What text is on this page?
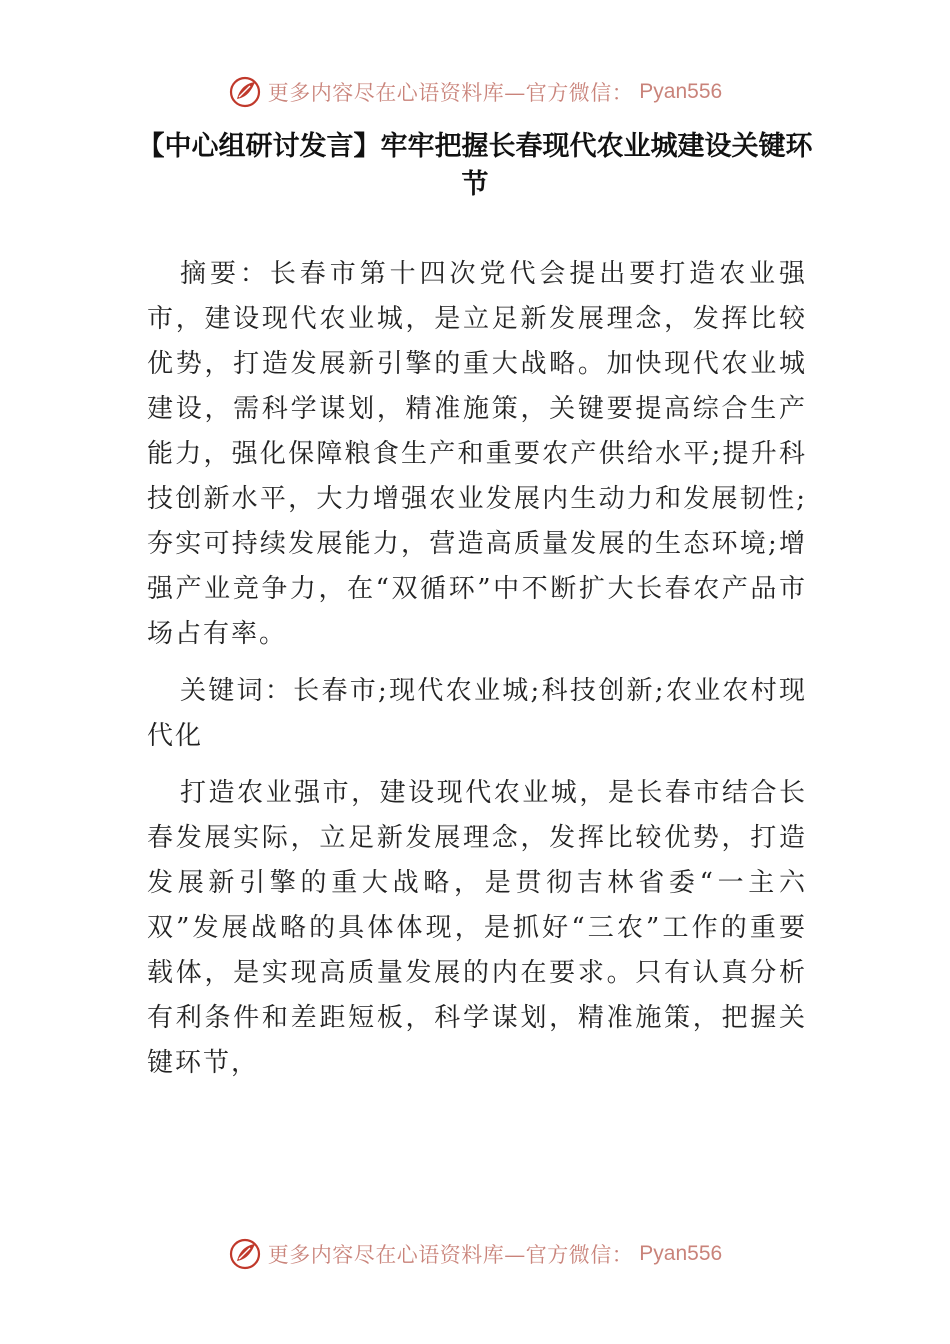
更多内容尽在心语资料库—官方微信： Pyan556
【中心组研讨发言】牢牢把握长春现代农业城建设关键环节

摘要：长春市第十四次党代会提出要打造农业强市，建设现代农业城，是立足新发展理念，发挥比较优势，打造发展新引擎的重大战略。加快现代农业城建设，需科学谋划，精准施策，关键要提高综合生产能力，强化保障粮食生产和重要农产供给水平;提升科技创新水平，大力增强农业发展内生动力和发展韧性;夯实可持续发展能力，营造高质量发展的生态环境;增强产业竞争力，在“双循环”中不断扩大长春农产品市场占有率。

关键词：长春市;现代农业城;科技创新;农业农村现代化

打造农业强市，建设现代农业城，是长春市结合长春发展实际，立足新发展理念，发挥比较优势，打造发展新引擎的重大战略，是贯彻吉林省委“一主六双”发展战略的具体体现，是抓好“三农”工作的重要载体，是实现高质量发展的内在要求。只有认真分析有利条件和差距短板，科学谋划，精准施策，把握关键环节，

更多内容尽在心语资料库—官方微信： Pyan556
